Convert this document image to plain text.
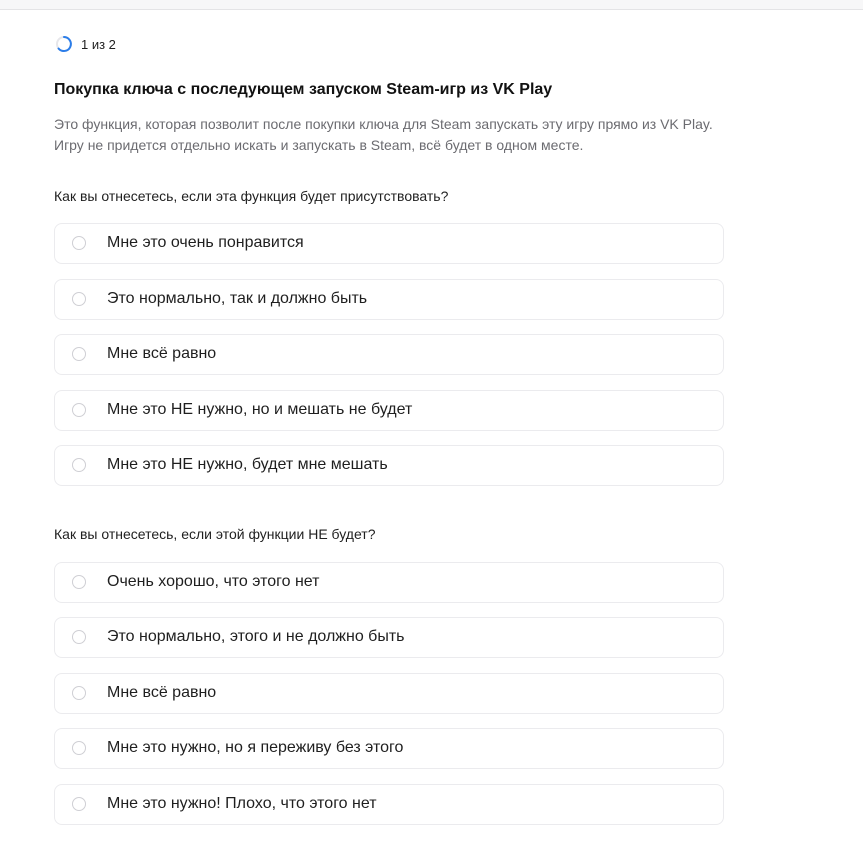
1 из 2
Покупка ключа с последующем запуском Steam-игр из VK Play
Это функция, которая позволит после покупки ключа для Steam запускать эту игру прямо из VK Play. Игру не придется отдельно искать и запускать в Steam, всё будет в одном месте.
Как вы отнесетесь, если эта функция будет присутствовать?
Мне это очень понравится
Это нормально, так и должно быть
Мне всё равно
Мне это НЕ нужно, но и мешать не будет
Мне это НЕ нужно, будет мне мешать
Как вы отнесетесь, если этой функции НЕ будет?
Очень хорошо, что этого нет
Это нормально, этого и не должно быть
Мне всё равно
Мне это нужно, но я переживу без этого
Мне это нужно! Плохо, что этого нет
